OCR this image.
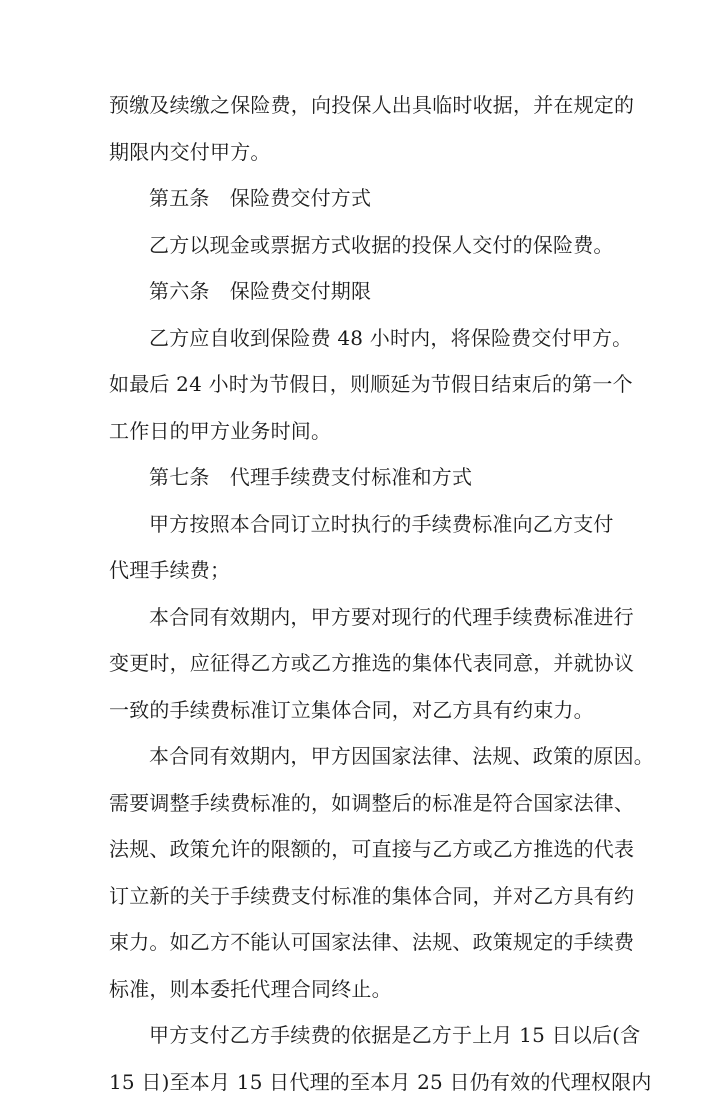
预缴及续缴之保险费，向投保人出具临时收据，并在规定的
期限内交付甲方。
第五条　保险费交付方式
乙方以现金或票据方式收据的投保人交付的保险费。
第六条　保险费交付期限
乙方应自收到保险费 48 小时内，将保险费交付甲方。
如最后 24 小时为节假日，则顺延为节假日结束后的第一个
工作日的甲方业务时间。
第七条　代理手续费支付标准和方式
甲方按照本合同订立时执行的手续费标准向乙方支付
代理手续费；
本合同有效期内，甲方要对现行的代理手续费标准进行
变更时，应征得乙方或乙方推选的集体代表同意，并就协议
一致的手续费标准订立集体合同，对乙方具有约束力。
本合同有效期内，甲方因国家法律、法规、政策的原因。
需要调整手续费标准的，如调整后的标准是符合国家法律、
法规、政策允许的限额的，可直接与乙方或乙方推选的代表
订立新的关于手续费支付标准的集体合同，并对乙方具有约
束力。如乙方不能认可国家法律、法规、政策规定的手续费
标准，则本委托代理合同终止。
甲方支付乙方手续费的依据是乙方于上月 15 日以后(含
15 日)至本月 15 日代理的至本月 25 日仍有效的代理权限内
